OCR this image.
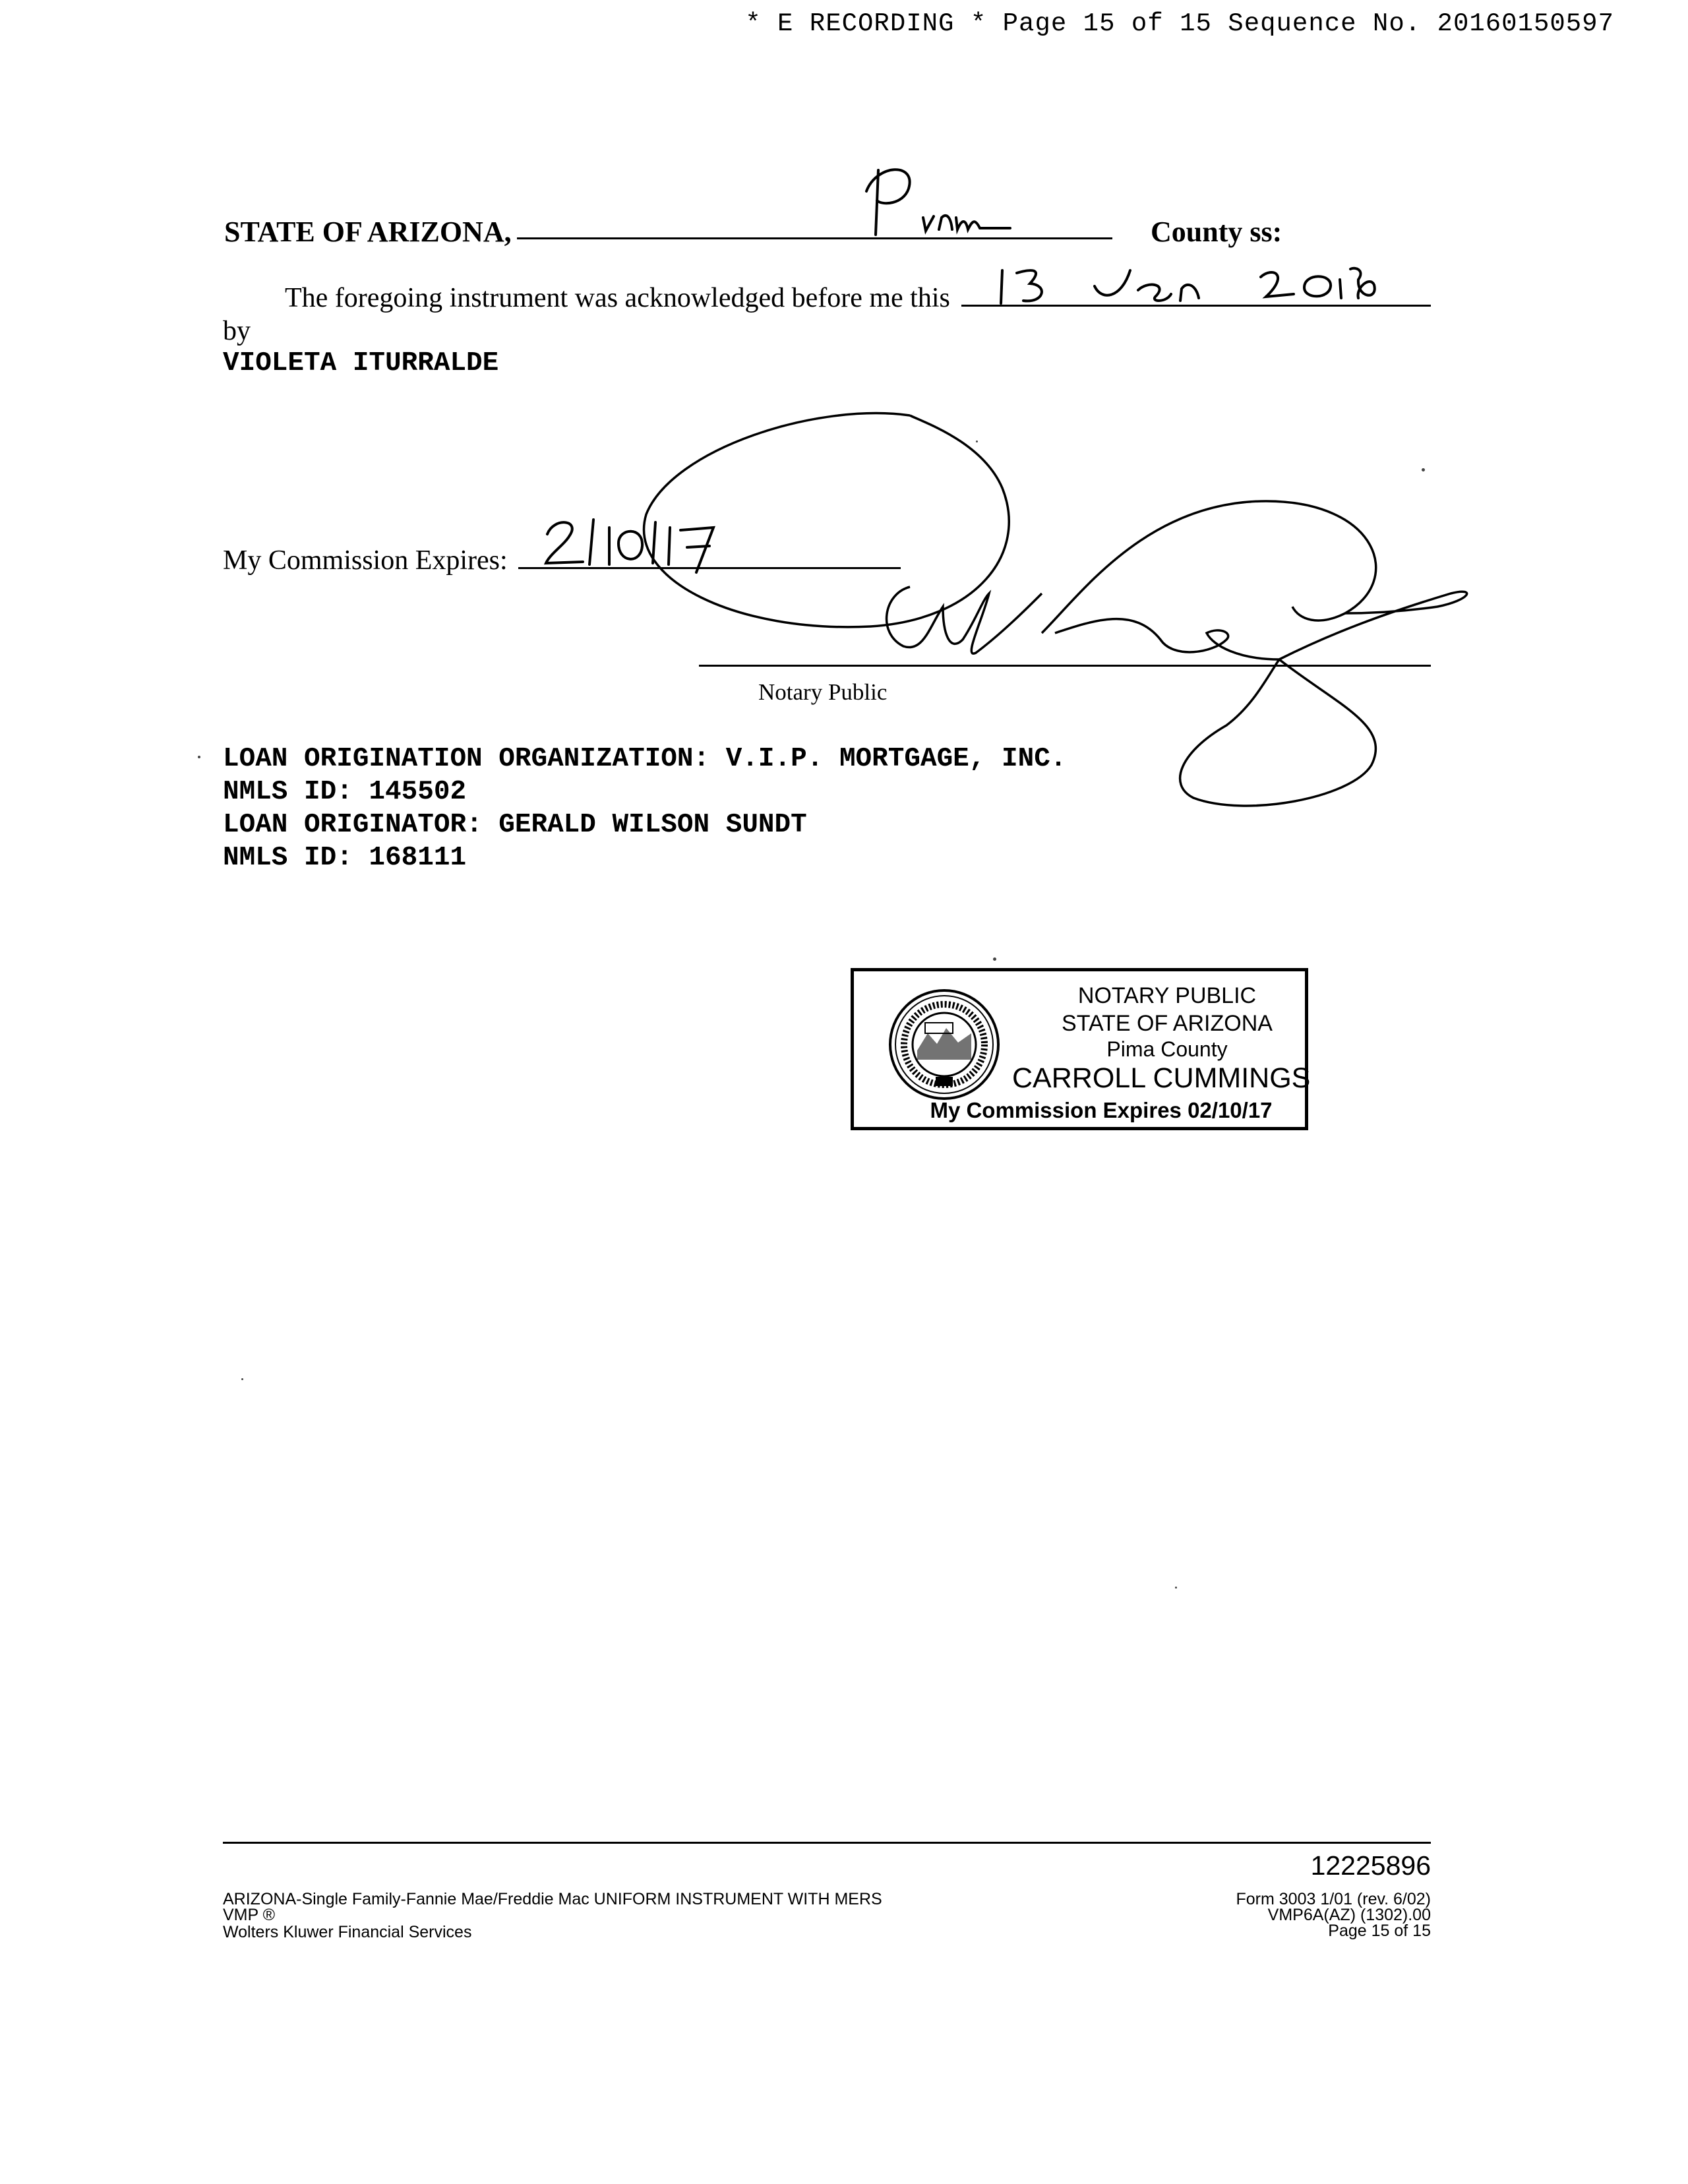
* E RECORDING * Page 15 of 15 Sequence No. 20160150597
STATE OF ARIZONA,	County ss:
The foregoing instrument was acknowledged before me this
by
VIOLETA ITURRALDE
My Commission Expires:
Notary Public
LOAN ORIGINATION ORGANIZATION: V.I.P. MORTGAGE, INC.
NMLS ID: 145502
LOAN ORIGINATOR: GERALD WILSON SUNDT
NMLS ID: 168111
NOTARY PUBLIC
STATE OF ARIZONA
Pima County
CARROLL CUMMINGS
My Commission Expires 02/10/17
12225896
ARIZONA-Single Family-Fannie Mae/Freddie Mac UNIFORM INSTRUMENT WITH MERS
VMP ®
Wolters Kluwer Financial Services
Form 3003 1/01 (rev. 6/02)
VMP6A(AZ) (1302).00
Page 15 of 15
